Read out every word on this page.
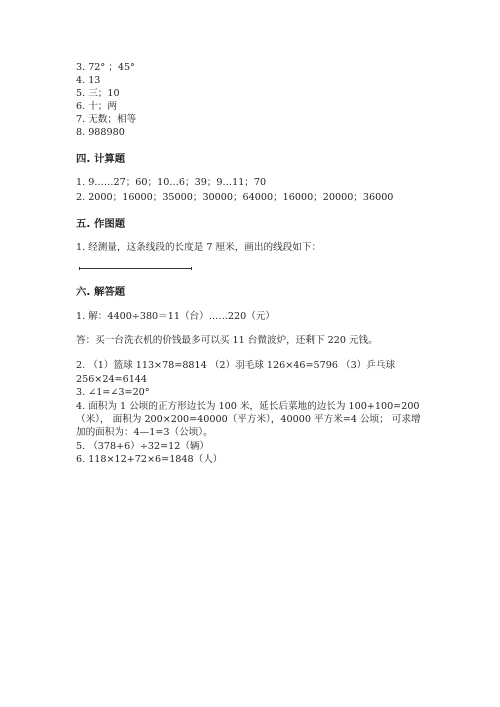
3. 72° ；45°
4. 13
5. 三；10
6. 十；两
7. 无数；相等
8. 988980
四. 计算题
1. 9……27；60；10…6；39；9…11；70
2. 2000；16000；35000；30000；64000；16000；20000；36000
五. 作图题
1. 经测量，这条线段的长度是 7 厘米，画出的线段如下：
六. 解答题
1. 解：4400÷380＝11（台）……220（元）
答：买一台洗衣机的价钱最多可以买 11 台微波炉，还剩下 220 元钱。
2. （1）篮球 113×78=8814 （2）羽毛球 126×46=5796 （3）乒乓球
256×24=6144
3. ∠1=∠3=20°
4. 面积为 1 公顷的正方形边长为 100 米，延长后菜地的边长为 100+100=200
（米）， 面积为 200×200=40000（平方米），40000 平方米=4 公顷； 可求增
加的面积为：4—1=3（公顷）。
5. （378+6）÷32=12（辆）
6. 118×12+72×6=1848（人）
